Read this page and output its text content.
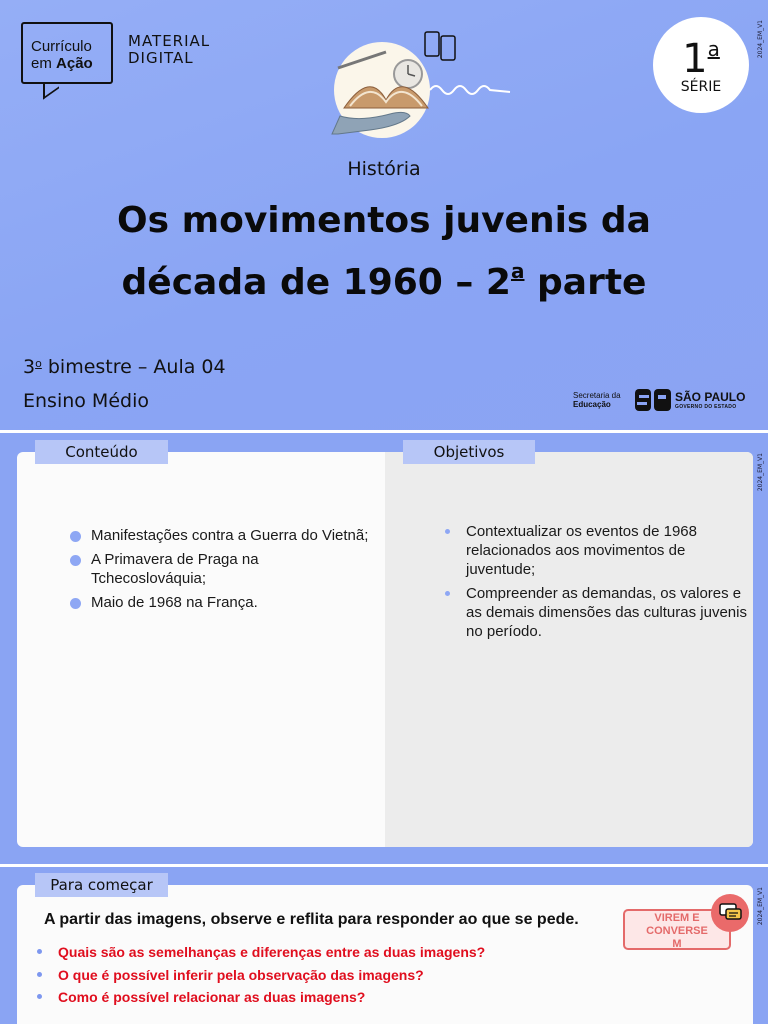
2024_EM_V1
Currículo
em Ação
MATERIAL
DIGITAL	1$^a$
SÉRIE
História
Os movimentos juvenis da
década de 1960 – 2$^a$ parte
3$^o$ bimestre – Aula 04
Ensino Médio	Secretaria da
Educação
SÃO PAULO
GOVERNO DO ESTADO
2024_EM_V1
Manifestações contra a Guerra do Vietnã;
A Primavera de Praga na Tchecoslováquia;
Maio de 1968 na França.
Contextualizar os eventos de 1968 relacionados aos movimentos de juventude;
Compreender as demandas, os valores e as demais dimensões das culturas juvenis no período.
Conteúdo	Objetivos
2024_EM_V1
A partir das imagens, observe e reflita para responder ao que se pede.
Quais são as semelhanças e diferenças entre as duas imagens?
O que é possível inferir pela observação das imagens?
Como é possível relacionar as duas imagens?
VIREM E
CONVERSE
M
Para começar
